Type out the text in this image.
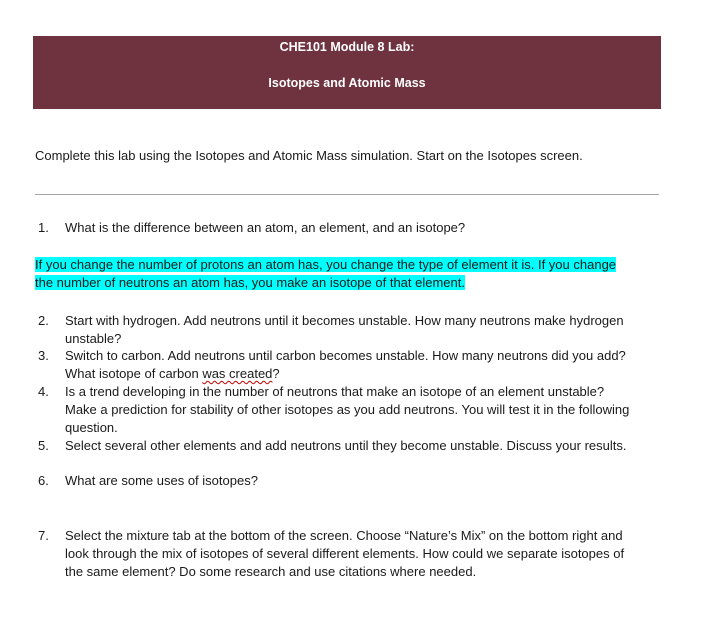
CHE101 Module 8 Lab:
Isotopes and Atomic Mass
Complete this lab using the Isotopes and Atomic Mass simulation. Start on the Isotopes screen.
1. What is the difference between an atom, an element, and an isotope?
If you change the number of protons an atom has, you change the type of element it is. If you change
the number of neutrons an atom has, you make an isotope of that element.
2. Start with hydrogen. Add neutrons until it becomes unstable. How many neutrons make hydrogen
unstable?
3. Switch to carbon. Add neutrons until carbon becomes unstable. How many neutrons did you add?
What isotope of carbon was created?
4. Is a trend developing in the number of neutrons that make an isotope of an element unstable?
Make a prediction for stability of other isotopes as you add neutrons. You will test it in the following
question.
5. Select several other elements and add neutrons until they become unstable. Discuss your results.
6. What are some uses of isotopes?
7. Select the mixture tab at the bottom of the screen. Choose “Nature’s Mix” on the bottom right and
look through the mix of isotopes of several different elements. How could we separate isotopes of
the same element? Do some research and use citations where needed.
